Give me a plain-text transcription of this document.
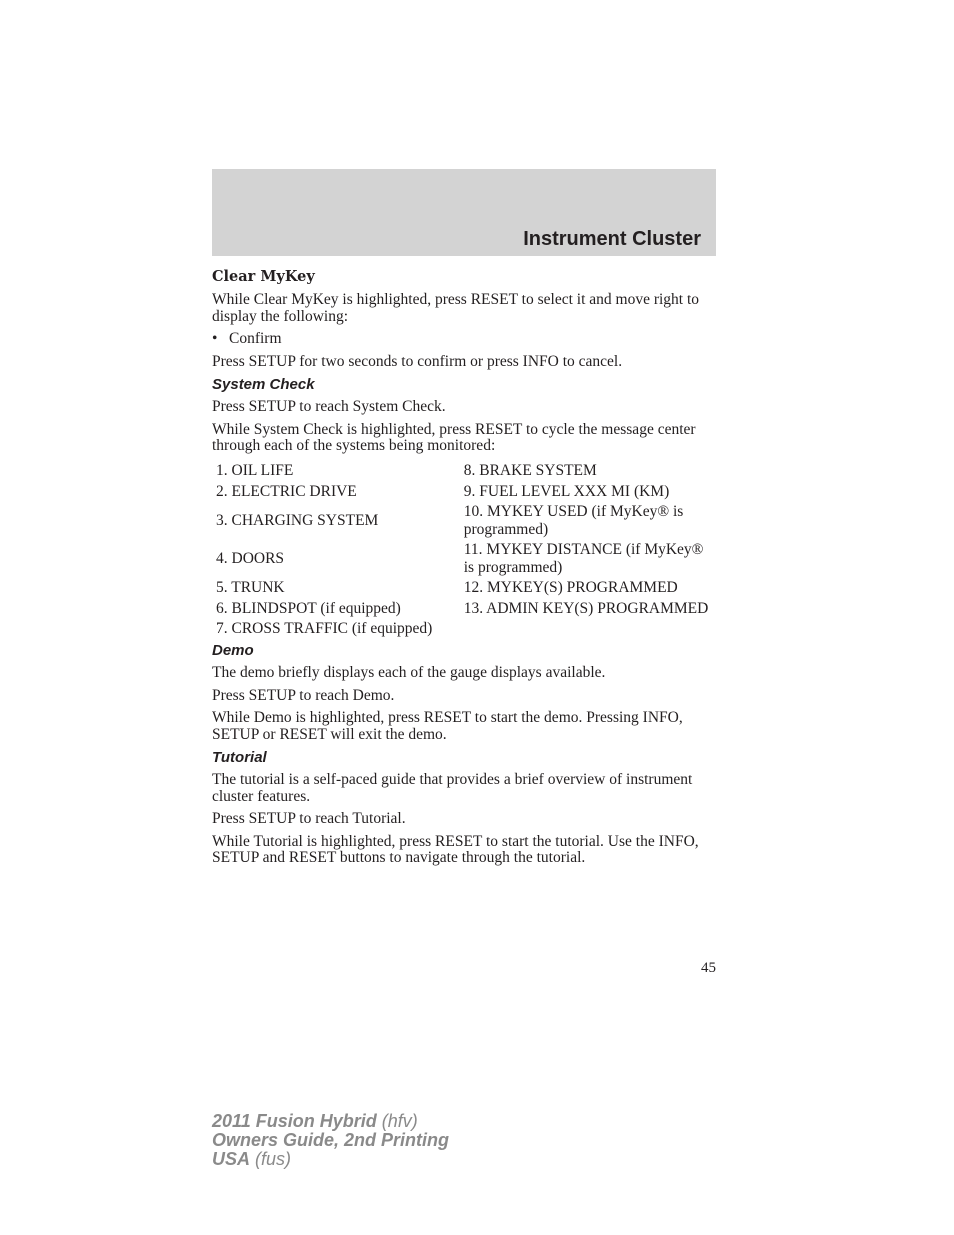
Instrument Cluster
Clear MyKey

While Clear MyKey is highlighted, press RESET to select it and move right to display the following:

• Confirm

Press SETUP for two seconds to confirm or press INFO to cancel.

System Check

Press SETUP to reach System Check.

While System Check is highlighted, press RESET to cycle the message center through each of the systems being monitored:

1. OIL LIFE	8. BRAKE SYSTEM
2. ELECTRIC DRIVE	9. FUEL LEVEL XXX MI (KM)
3. CHARGING SYSTEM	10. MYKEY USED (if MyKey® is programmed)
4. DOORS	11. MYKEY DISTANCE (if MyKey® is programmed)
5. TRUNK	12. MYKEY(S) PROGRAMMED
6. BLINDSPOT (if equipped)	13. ADMIN KEY(S) PROGRAMMED
7. CROSS TRAFFIC (if equipped)	
Demo

The demo briefly displays each of the gauge displays available.

Press SETUP to reach Demo.

While Demo is highlighted, press RESET to start the demo. Pressing INFO, SETUP or RESET will exit the demo.

Tutorial

The tutorial is a self-paced guide that provides a brief overview of instrument cluster features.

Press SETUP to reach Tutorial.

While Tutorial is highlighted, press RESET to start the tutorial. Use the INFO, SETUP and RESET buttons to navigate through the tutorial.

45
2011 Fusion Hybrid (hfv)
Owners Guide, 2nd Printing
USA (fus)
